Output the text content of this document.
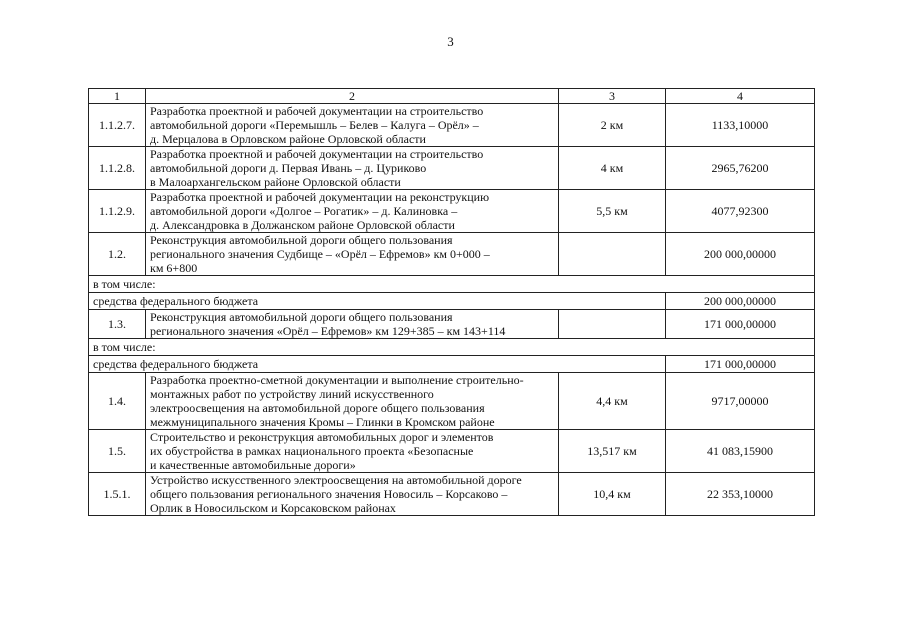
3
1	2	3	4
1.1.2.7.	Разработка проектной и рабочей документации на строительство
автомобильной дороги «Перемышль – Белев – Калуга – Орёл» –
д. Мерцалова в Орловском районе Орловской области	2 км	1133,10000
1.1.2.8.	Разработка проектной и рабочей документации на строительство
автомобильной дороги д. Первая Ивань – д. Цуриково
в Малоархангельском районе Орловской области	4 км	2965,76200
1.1.2.9.	Разработка проектной и рабочей документации на реконструкцию
автомобильной дороги «Долгое – Рогатик» – д. Калиновка –
д. Александровка в Должанском районе Орловской области	5,5 км	4077,92300
1.2.	Реконструкция автомобильной дороги общего пользования
регионального значения Судбище – «Орёл – Ефремов» км 0+000 –
км 6+800		200 000,00000
в том числе:			
средства федерального бюджета			200 000,00000
1.3.	Реконструкция автомобильной дороги общего пользования
регионального значения «Орёл – Ефремов» км 129+385 – км 143+114		171 000,00000
в том числе:			
средства федерального бюджета			171 000,00000
1.4.	Разработка проектно-сметной документации и выполнение строительно-
монтажных работ по устройству линий искусственного
электроосвещения на автомобильной дороге общего пользования
межмуниципального значения Кромы – Глинки в Кромском районе	4,4 км	9717,00000
1.5.	Строительство и реконструкция автомобильных дорог и элементов
их обустройства в рамках национального проекта «Безопасные
и качественные автомобильные дороги»	13,517 км	41 083,15900
1.5.1.	Устройство искусственного электроосвещения на автомобильной дороге
общего пользования регионального значения Новосиль – Корсаково –
Орлик в Новосильском и Корсаковском районах	10,4 км	22 353,10000
